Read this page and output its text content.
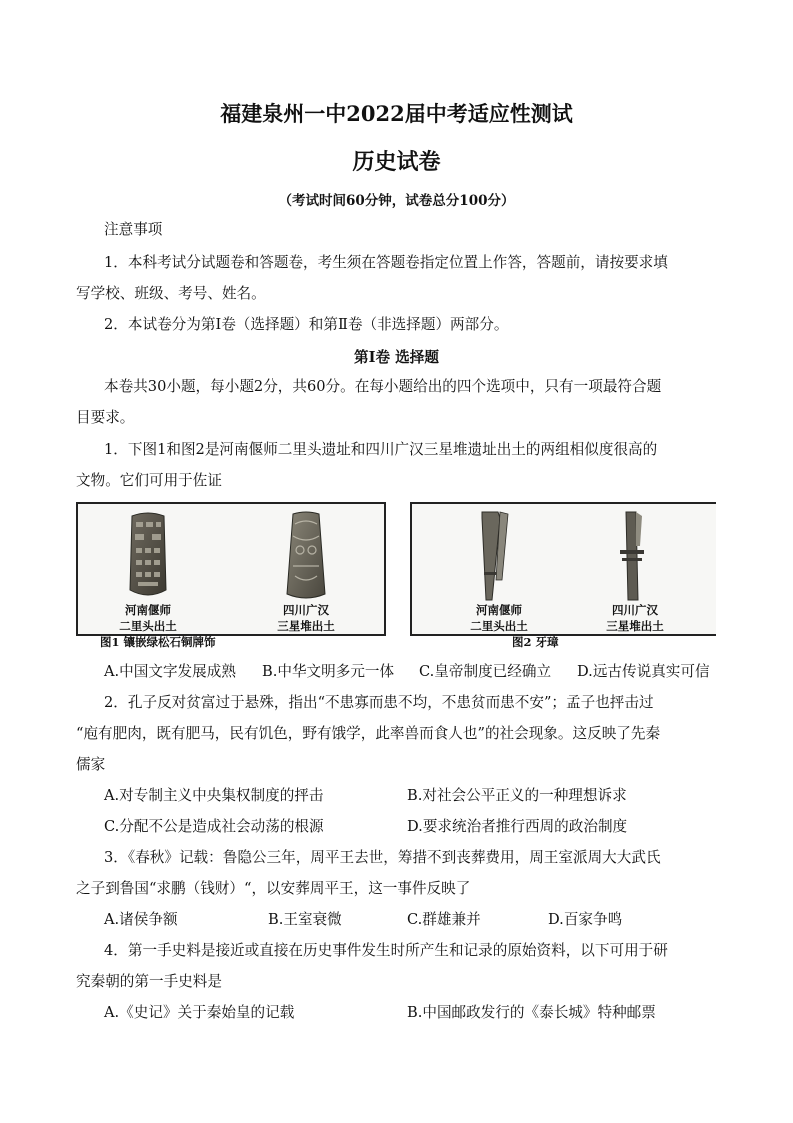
福建泉州一中2022届中考适应性测试
历史试卷
（考试时间60分钟，试卷总分100分）
注意事项
1．本科考试分试题卷和答题卷，考生须在答题卷指定位置上作答，答题前，请按要求填
写学校、班级、考号、姓名。
2．本试卷分为第Ⅰ卷（选择题）和第Ⅱ卷（非选择题）两部分。
第Ⅰ卷 选择题
本卷共30小题，每小题2分，共60分。在每小题给出的四个选项中，只有一项最符合题
目要求。
1．下图1和图2是河南偃师二里头遗址和四川广汉三星堆遗址出土的两组相似度很高的
文物。它们可用于佐证
河南偃师
二里头出土
四川广汉
三星堆出土
图1 镶嵌绿松石铜牌饰
河南偃师
二里头出土
四川广汉
三星堆出土
图2 牙璋
A.中国文字发展成熟 B.中华文明多元一体 C.皇帝制度已经确立 D.远古传说真实可信
2．孔子反对贫富过于悬殊，指出“不患寡而患不均，不患贫而患不安”；孟子也抨击过
“庖有肥肉，既有肥马，民有饥色，野有饿学，此率兽而食人也”的社会现象。这反映了先秦
儒家
A.对专制主义中央集权制度的抨击	B.对社会公平正义的一种理想诉求
C.分配不公是造成社会动荡的根源	D.要求统治者推行西周的政治制度
3．《春秋》记载：鲁隐公三年，周平王去世，筹措不到丧葬费用，周王室派周大大武氏
之子到鲁国“求鹏（钱财）“，以安葬周平王，这一事件反映了
A.诸侯争额	B.王室衰微	C.群雄兼并	D.百家争鸣
4．第一手史料是接近或直接在历史事件发生时所产生和记录的原始资料，以下可用于研
究秦朝的第一手史料是
A.《史记》关于秦始皇的记载	B.中国邮政发行的《泰长城》特种邮票
